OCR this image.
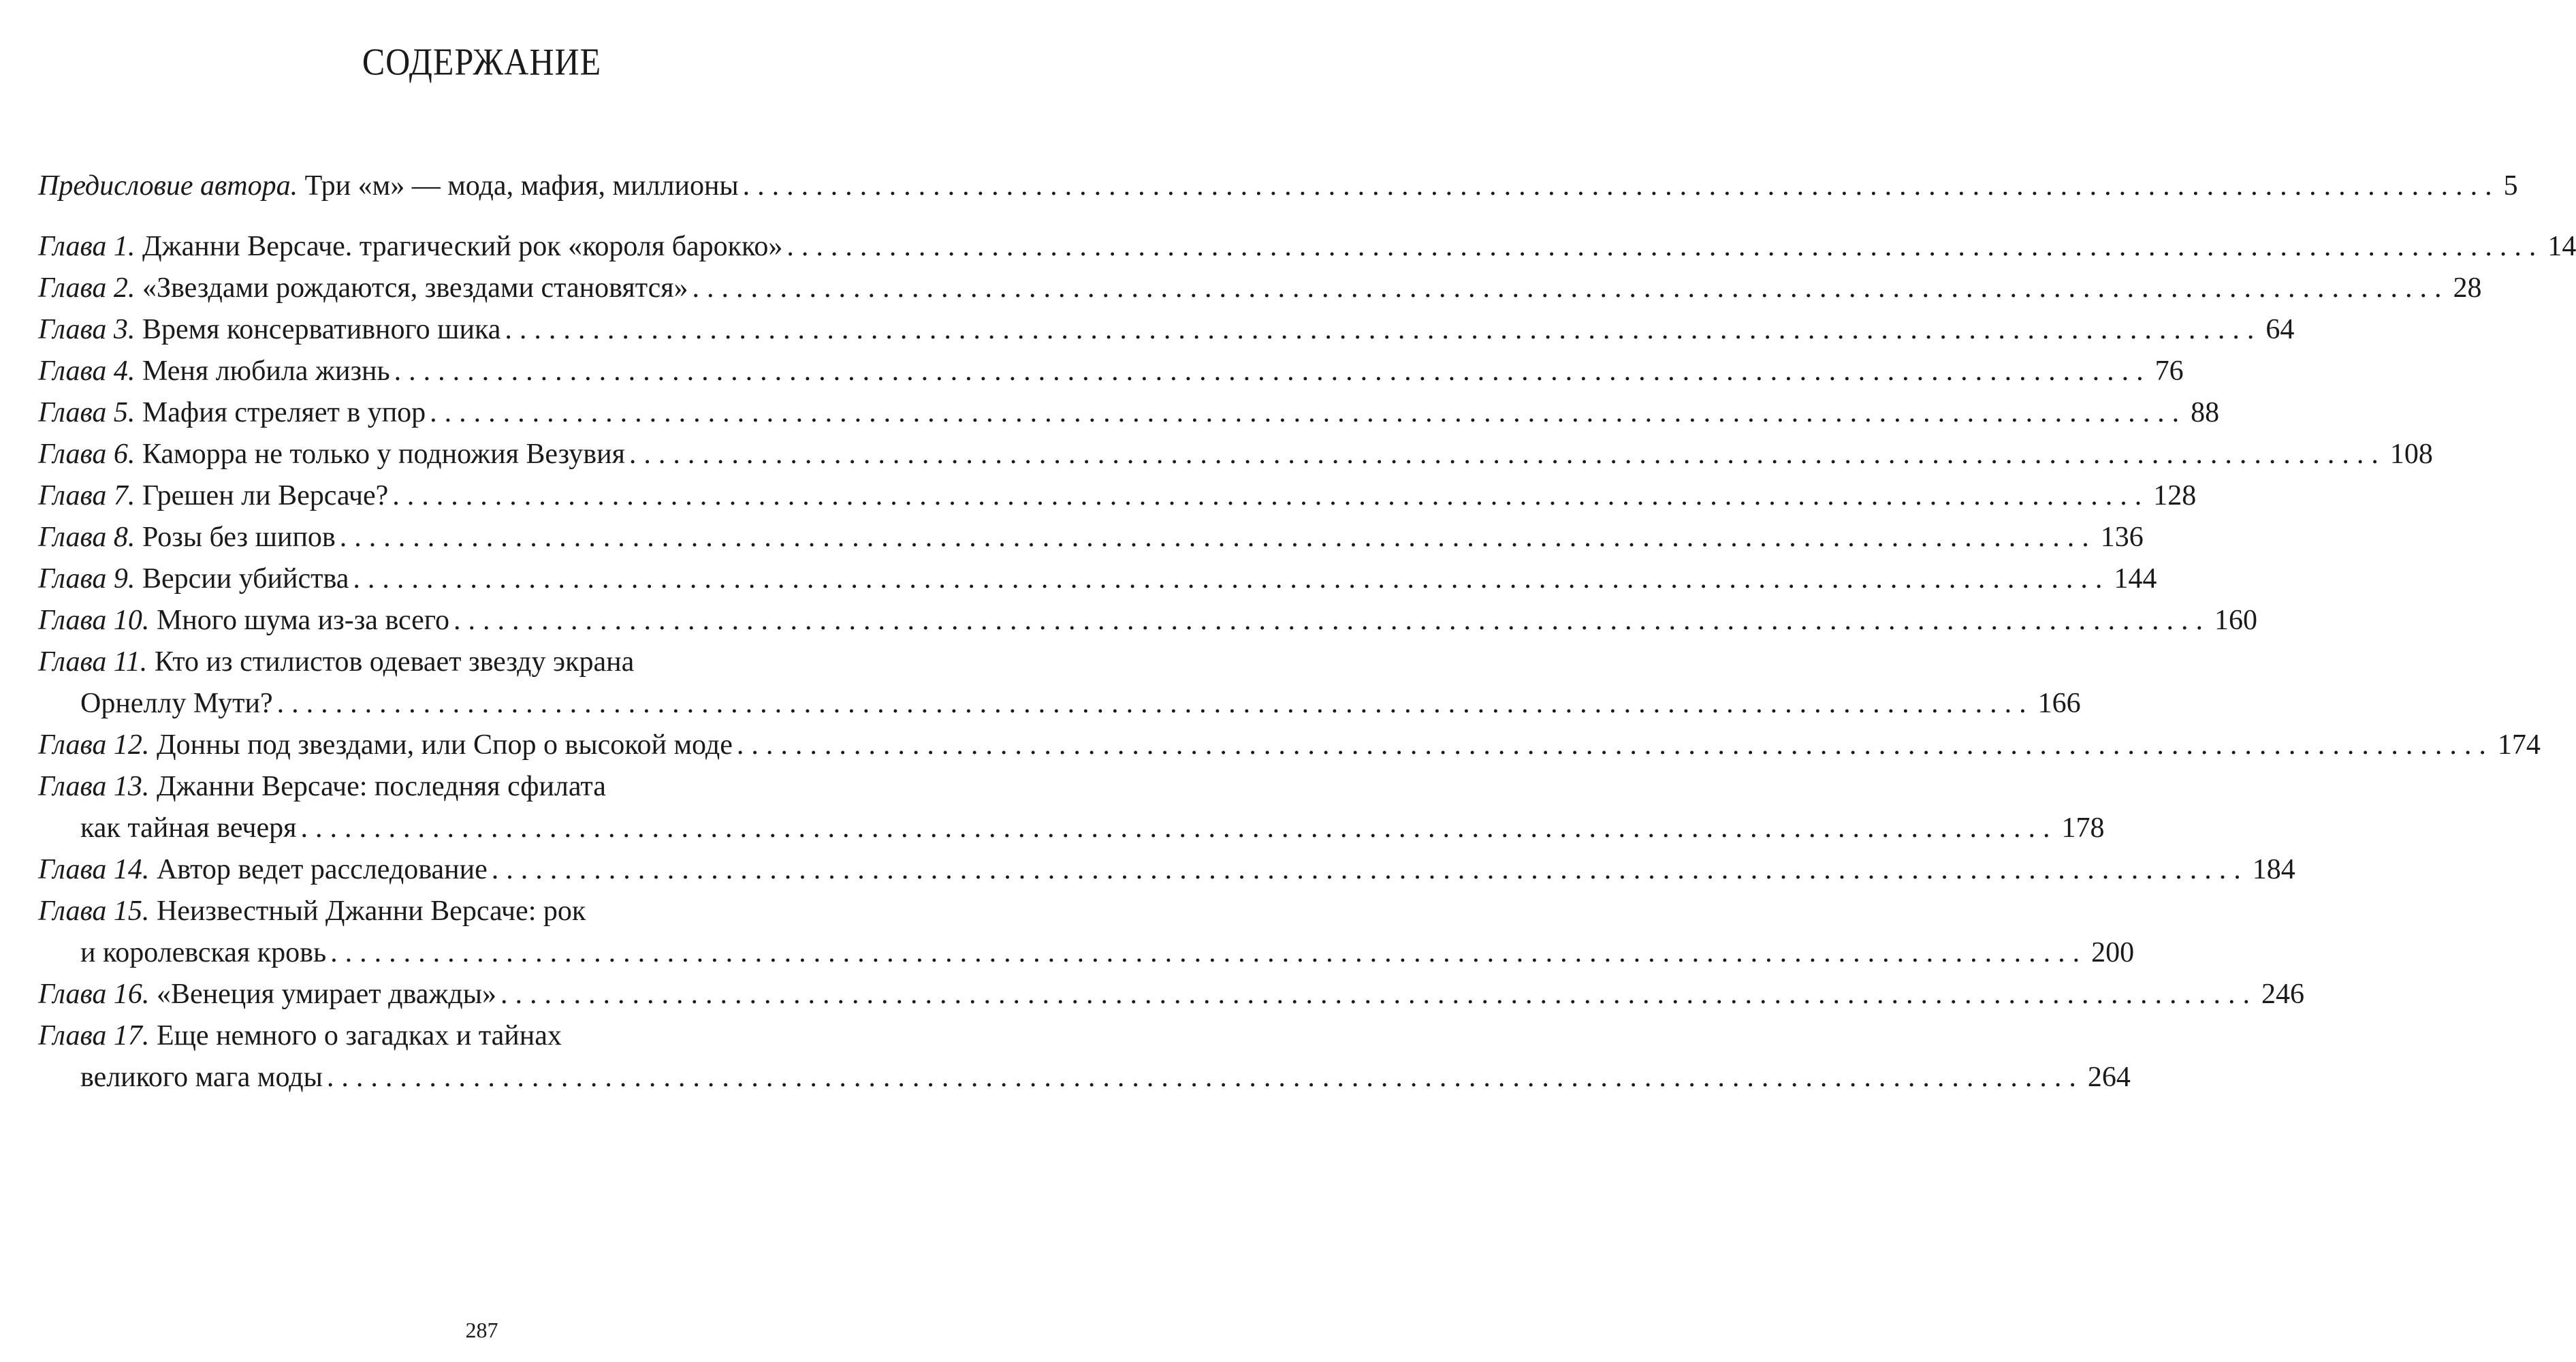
СОДЕРЖАНИЕ
Предисловие автора.
Три «м» — мода, мафия, миллионы ........................................................................................................................ 5
Глава 1.
Джанни Версаче. трагический рок «короля барокко» ........................................................................................................................ 14
Глава 2.
«Звездами рождаются, звездами становятся» ........................................................................................................................ 28
Глава 3.
Время консервативного шика ........................................................................................................................ 64
Глава 4.
Меня любила жизнь ........................................................................................................................ 76
Глава 5.
Мафия стреляет в упор ........................................................................................................................ 88
Глава 6.
Каморра не только у подножия Везувия ........................................................................................................................ 108
Глава 7.
Грешен ли Версаче? ........................................................................................................................ 128
Глава 8.
Розы без шипов ........................................................................................................................ 136
Глава 9.
Версии убийства ........................................................................................................................ 144
Глава 10.
Много шума из-за всего ........................................................................................................................ 160
Глава 11.
Кто из стилистов одевает звезду экрана
Орнеллу Мути? ........................................................................................................................ 166
Глава 12.
Донны под звездами, или Спор о высокой моде ........................................................................................................................ 174
Глава 13.
Джанни Версаче: последняя сфилата
как тайная вечеря ........................................................................................................................ 178
Глава 14.
Автор ведет расследование ........................................................................................................................ 184
Глава 15.
Неизвестный Джанни Версаче: рок
и королевская кровь ........................................................................................................................ 200
Глава 16.
«Венеция умирает дважды» ........................................................................................................................ 246
Глава 17.
Еще немного о загадках и тайнах
великого мага моды ........................................................................................................................ 264
287
